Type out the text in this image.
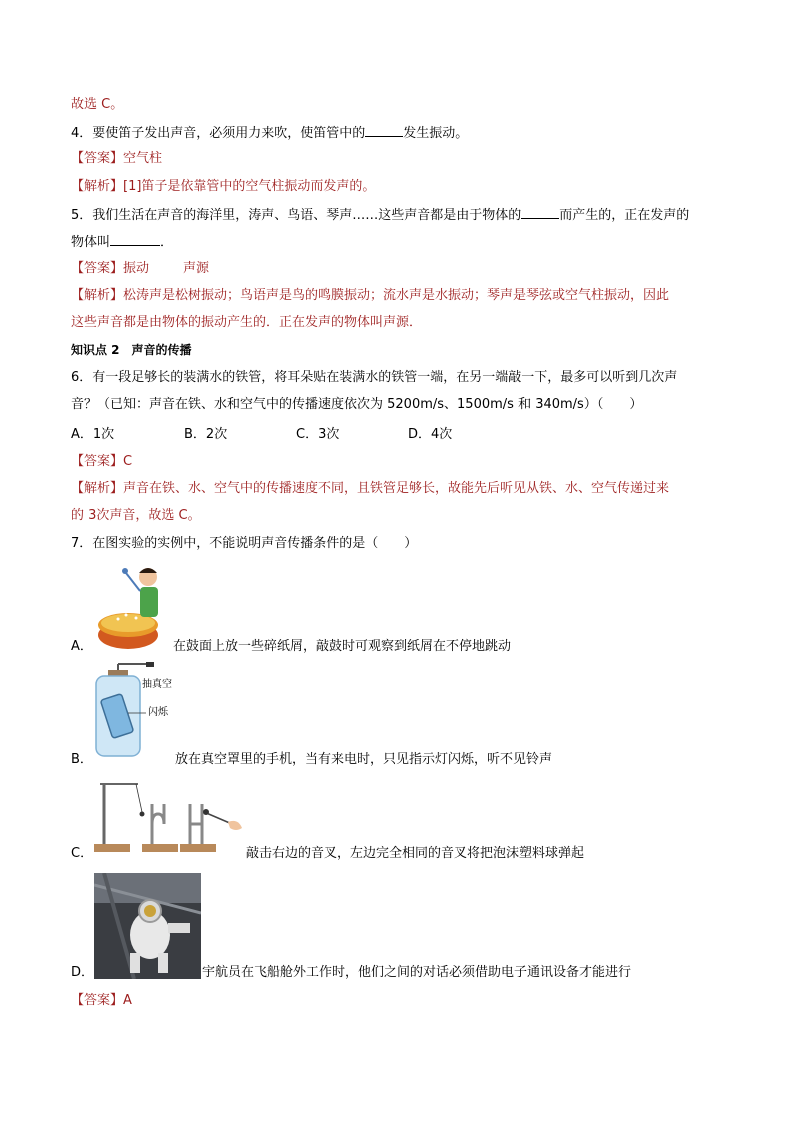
故选 C。
4．要使笛子发出声音，必须用力来吹，使笛管中的	发生振动。
【答案】空气柱
【解析】[1]笛子是依靠管中的空气柱振动而发声的。
5．我们生活在声音的海洋里，涛声、鸟语、琴声……这些声音都是由于物体的	而产生的，正在发声的
物体叫	．
【答案】振动	声源
【解析】松涛声是松树振动；鸟语声是鸟的鸣膜振动；流水声是水振动；琴声是琴弦或空气柱振动，因此
这些声音都是由物体的振动产生的．正在发声的物体叫声源．
知识点 2　声音的传播
6．有一段足够长的装满水的铁管，将耳朵贴在装满水的铁管一端，在另一端敲一下，最多可以听到几次声
音？（已知：声音在铁、水和空气中的传播速度依次为 5200m/s、1500m/s 和 340m/s）（　　）
A．1次	B．2次	C．3次	D．4次
【答案】C
【解析】声音在铁、水、空气中的传播速度不同，且铁管足够长，故能先后听见从铁、水、空气传递过来
的 3次声音，故选 C。
7．在图实验的实例中，不能说明声音传播条件的是（　　）
A．	在鼓面上放一些碎纸屑，敲鼓时可观察到纸屑在不停地跳动
抽真空
闪烁
B．	放在真空罩里的手机，当有来电时，只见指示灯闪烁，听不见铃声
C．	敲击右边的音叉，左边完全相同的音叉将把泡沫塑料球弹起
D．	宇航员在飞船舱外工作时，他们之间的对话必须借助电子通讯设备才能进行
【答案】A
